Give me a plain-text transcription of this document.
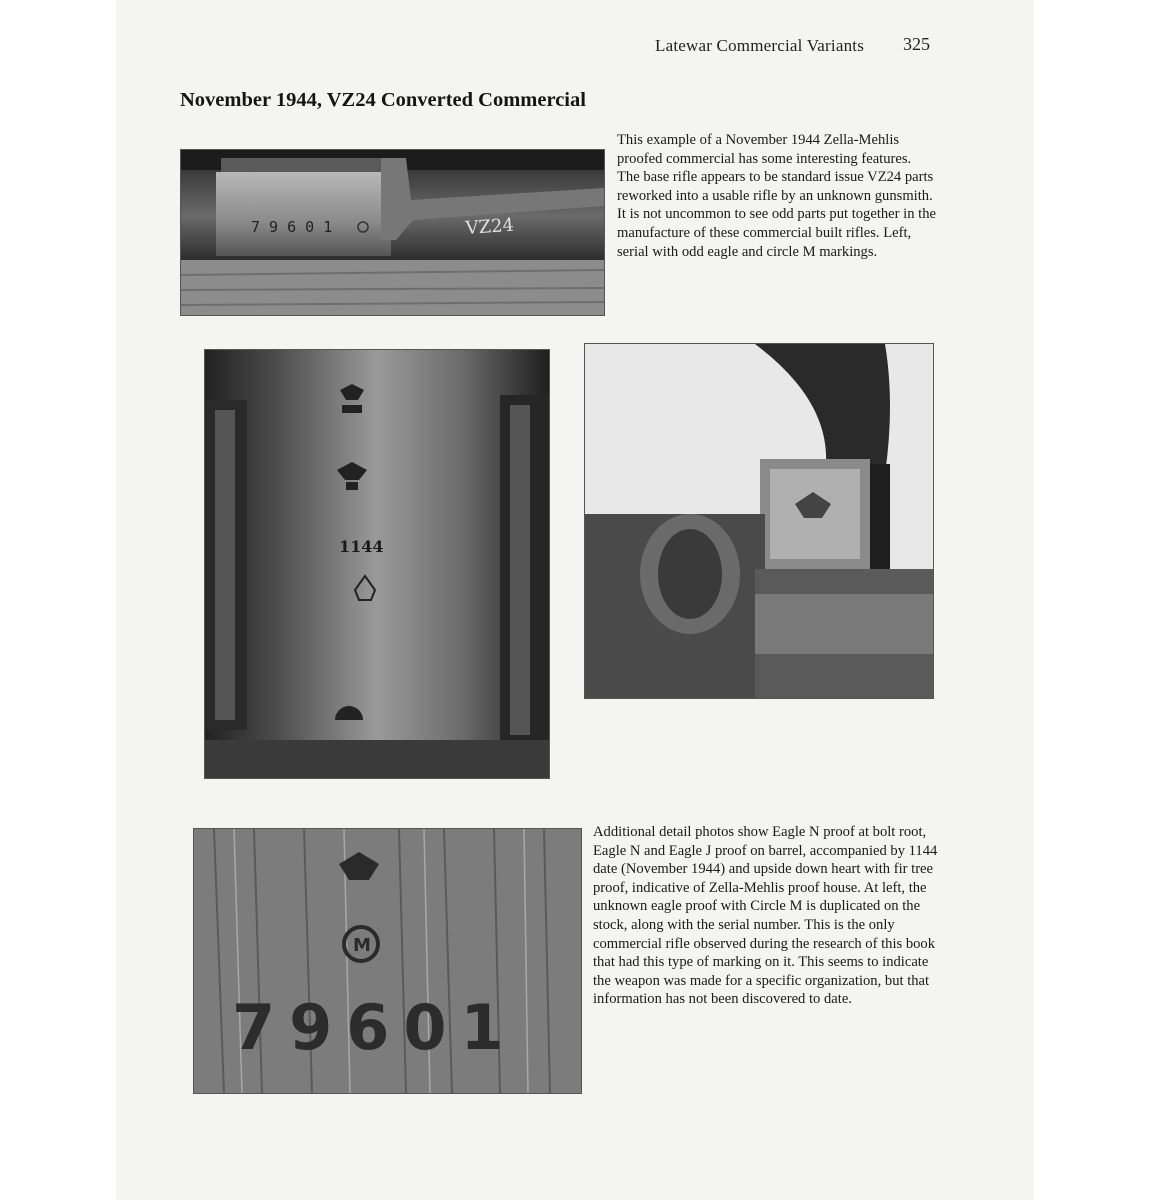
Latewar Commercial Variants 325
November 1944, VZ24 Converted Commercial
7 9 6 0 1	VZ24

This example of a November 1944 Zella-Mehlis proofed commercial has some interesting features. The base rifle appears to be standard issue VZ24 parts reworked into a usable rifle by an unknown gunsmith. It is not uncommon to see odd parts put together in the manufacture of these commercial built rifles. Left, serial with odd eagle and circle M markings.

1144
M
79601

Additional detail photos show Eagle N proof at bolt root, Eagle N and Eagle J proof on barrel, accompanied by 1144 date (November 1944) and upside down heart with fir tree proof, indicative of Zella-Mehlis proof house. At left, the unknown eagle proof with Circle M is duplicated on the stock, along with the serial number. This is the only commercial rifle observed during the research of this book that had this type of marking on it. This seems to indicate the weapon was made for a specific organization, but that information has not been discovered to date.
